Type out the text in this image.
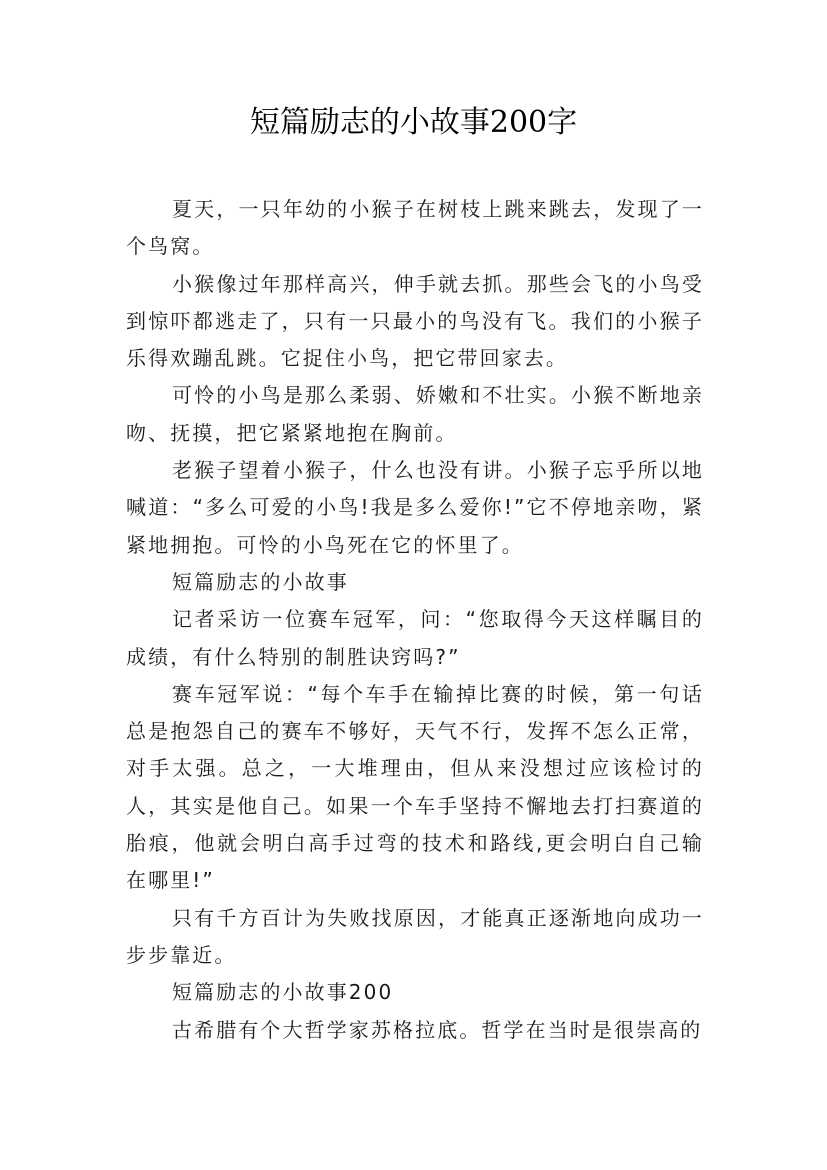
短篇励志的小故事200字

夏天，一只年幼的小猴子在树枝上跳来跳去，发现了一个鸟窝。

小猴像过年那样高兴，伸手就去抓。那些会飞的小鸟受到惊吓都逃走了，只有一只最小的鸟没有飞。我们的小猴子乐得欢蹦乱跳。它捉住小鸟，把它带回家去。

可怜的小鸟是那么柔弱、娇嫩和不壮实。小猴不断地亲吻、抚摸，把它紧紧地抱在胸前。

老猴子望着小猴子，什么也没有讲。小猴子忘乎所以地喊道：“多么可爱的小鸟!我是多么爱你!”它不停地亲吻，紧紧地拥抱。可怜的小鸟死在它的怀里了。

短篇励志的小故事

记者采访一位赛车冠军，问：“您取得今天这样瞩目的成绩，有什么特别的制胜诀窍吗?”

赛车冠军说：“每个车手在输掉比赛的时候，第一句话总是抱怨自己的赛车不够好，天气不行，发挥不怎么正常，对手太强。总之，一大堆理由，但从来没想过应该检讨的人，其实是他自己。如果一个车手坚持不懈地去打扫赛道的胎痕，他就会明白高手过弯的技术和路线,更会明白自己输在哪里!”

只有千方百计为失败找原因，才能真正逐渐地向成功一步步靠近。

短篇励志的小故事200

古希腊有个大哲学家苏格拉底。哲学在当时是很崇高的
